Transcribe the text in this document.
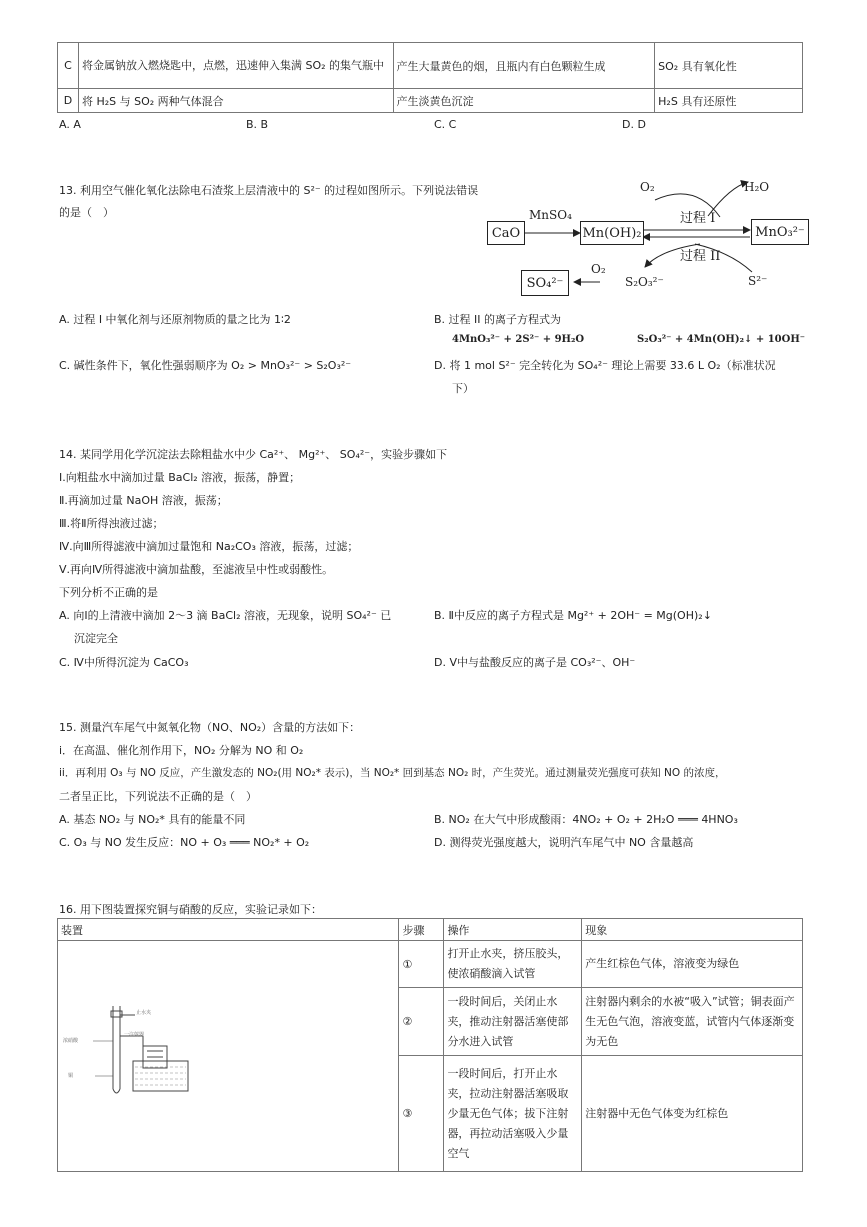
C	将金属钠放入燃烧匙中，点燃，迅速伸入集满 SO₂ 的集气瓶中	产生大量黄色的烟，且瓶内有白色颗粒生成	SO₂ 具有氧化性
D	将 H₂S 与 SO₂ 两种气体混合	产生淡黄色沉淀	H₂S 具有还原性
A. A	B. B	C. C	D. D
13. 利用空气催化氧化法除电石渣浆上层清液中的 S²⁻ 的过程如图所示。下列说法错误的是（　）
CaO	Mn(OH)₂	MnO₃²⁻
SO₄²⁻
MnSO₄
O₂	H₂O
过程 I
过程 II
O₂
S₂O₃²⁻	S²⁻
A. 过程 I 中氧化剂与还原剂物质的量之比为 1∶2	B. 过程 II 的离子方程式为
4MnO₃²⁻ + 2S²⁻ + 9H₂O	S₂O₃²⁻ + 4Mn(OH)₂↓ + 10OH⁻
C. 碱性条件下，氧化性强弱顺序为 O₂ > MnO₃²⁻ > S₂O₃²⁻	D. 将 1 mol S²⁻ 完全转化为 SO₄²⁻ 理论上需要 33.6 L O₂（标准状况
下）
14. 某同学用化学沉淀法去除粗盐水中少 Ca²⁺、 Mg²⁺、 SO₄²⁻，实验步骤如下
Ⅰ.向粗盐水中滴加过量 BaCl₂ 溶液，振荡，静置；
Ⅱ.再滴加过量 NaOH 溶液，振荡；
Ⅲ.将Ⅱ所得浊液过滤；
Ⅳ.向Ⅲ所得滤液中滴加过量饱和 Na₂CO₃ 溶液，振荡，过滤；
Ⅴ.再向Ⅳ所得滤液中滴加盐酸，至滤液呈中性或弱酸性。
下列分析不正确的是
A. 向Ⅰ的上清液中滴加 2～3 滴 BaCl₂ 溶液，无现象，说明 SO₄²⁻ 已
沉淀完全
B. Ⅱ中反应的离子方程式是 Mg²⁺ + 2OH⁻ = Mg(OH)₂↓
C. Ⅳ中所得沉淀为 CaCO₃	D. Ⅴ中与盐酸反应的离子是 CO₃²⁻、OH⁻
15. 测量汽车尾气中氮氧化物（NO、NO₂）含量的方法如下：
i．在高温、催化剂作用下，NO₂ 分解为 NO 和 O₂
ii．再利用 O₃ 与 NO 反应，产生激发态的 NO₂(用 NO₂* 表示)，当 NO₂* 回到基态 NO₂ 时，产生荧光。通过测量荧光强度可获知 NO 的浓度，
二者呈正比，下列说法不正确的是（　）
A. 基态 NO₂ 与 NO₂* 具有的能量不同	B. NO₂ 在大气中形成酸雨：4NO₂ + O₂ + 2H₂O ═══ 4HNO₃
C. O₃ 与 NO 发生反应：NO + O₃ ═══ NO₂* + O₂	D. 测得荧光强度越大，说明汽车尾气中 NO 含量越高
16. 用下图装置探究铜与硝酸的反应，实验记录如下：
装置	步骤	操作	现象

止水夹
浓硝酸
铜
一注射器	①	打开止水夹，挤压胶头，使浓硝酸滴入试管	产生红棕色气体，溶液变为绿色
	②	一段时间后，关闭止水夹，推动注射器活塞使部分水进入试管	注射器内剩余的水被“吸入”试管；铜表面产生无色气泡，溶液变蓝，试管内气体逐渐变为无色
	③	一段时间后，打开止水夹，拉动注射器活塞吸取少量无色气体；拔下注射器，再拉动活塞吸入少量空气	注射器中无色气体变为红棕色
